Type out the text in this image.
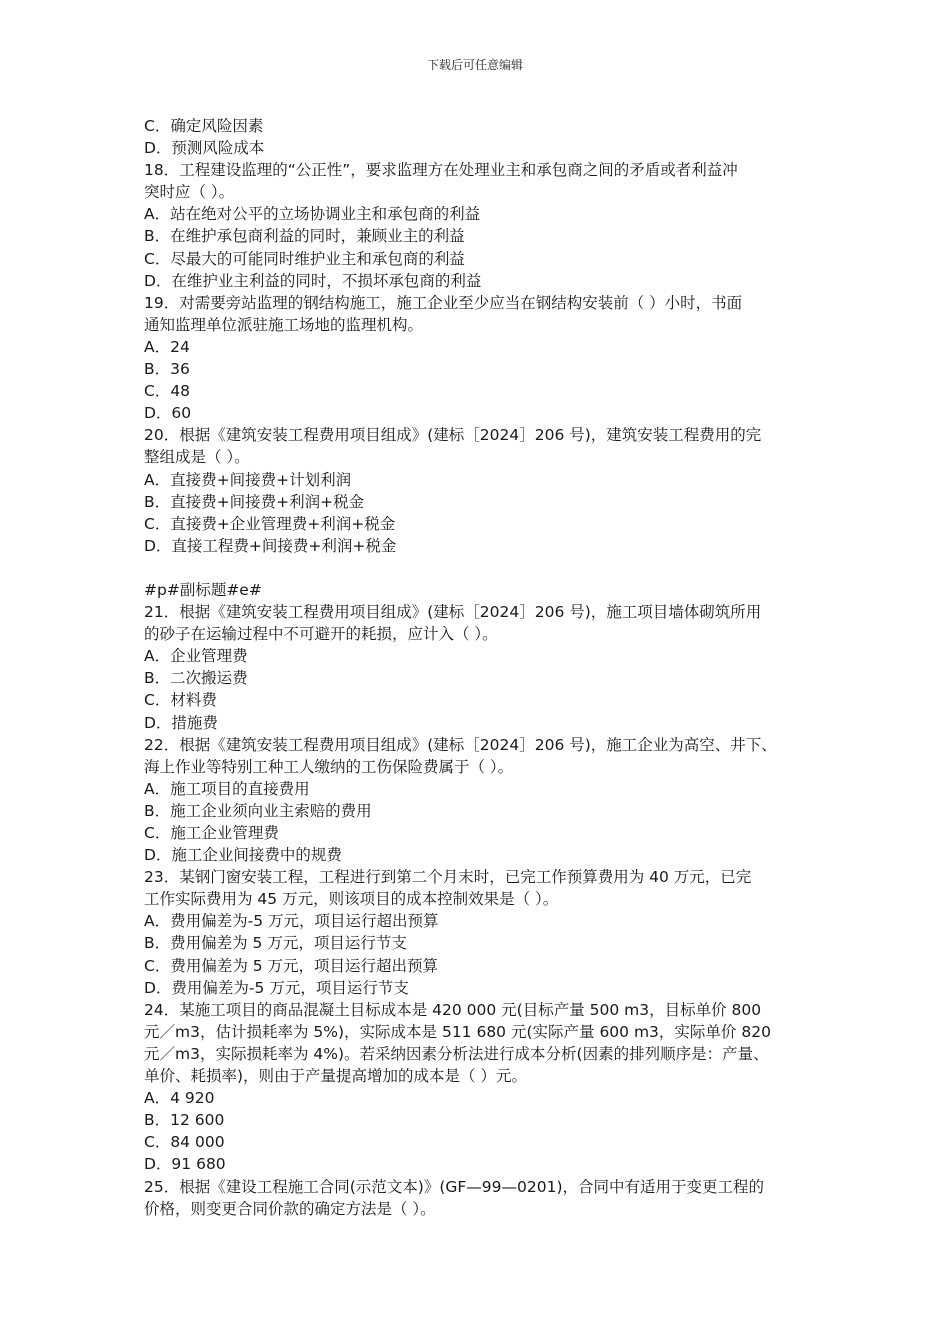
下载后可任意编辑
C．确定风险因素
D．预测风险成本
18．工程建设监理的“公正性”，要求监理方在处理业主和承包商之间的矛盾或者利益冲
突时应（ ）。
A．站在绝对公平的立场协调业主和承包商的利益
B．在维护承包商利益的同时，兼顾业主的利益
C．尽最大的可能同时维护业主和承包商的利益
D．在维护业主利益的同时，不损坏承包商的利益
19．对需要旁站监理的钢结构施工，施工企业至少应当在钢结构安装前（ ）小时，书面
通知监理单位派驻施工场地的监理机构。
A．24
B．36
C．48
D．60
20．根据《建筑安装工程费用项目组成》(建标［2024］206 号)，建筑安装工程费用的完
整组成是（ ）。
A．直接费+间接费+计划利润
B．直接费+间接费+利润+税金
C．直接费+企业管理费+利润+税金
D．直接工程费+间接费+利润+税金
#p#副标题#e#
21．根据《建筑安装工程费用项目组成》(建标［2024］206 号)，施工项目墙体砌筑所用
的砂子在运输过程中不可避开的耗损，应计入（ ）。
A．企业管理费
B．二次搬运费
C．材料费
D．措施费
22．根据《建筑安装工程费用项目组成》(建标［2024］206 号)，施工企业为高空、井下、
海上作业等特别工种工人缴纳的工伤保险费属于（ ）。
A．施工项目的直接费用
B．施工企业须向业主索赔的费用
C．施工企业管理费
D．施工企业间接费中的规费
23．某钢门窗安装工程，工程进行到第二个月末时，已完工作预算费用为 40 万元，已完
工作实际费用为 45 万元，则该项目的成本控制效果是（ ）。
A．费用偏差为-5 万元，项目运行超出预算
B．费用偏差为 5 万元，项目运行节支
C．费用偏差为 5 万元，项目运行超出预算
D．费用偏差为-5 万元，项目运行节支
24．某施工项目的商品混凝土目标成本是 420 000 元(目标产量 500 m3，目标单价 800
元／m3，估计损耗率为 5%)，实际成本是 511 680 元(实际产量 600 m3，实际单价 820
元／m3，实际损耗率为 4%)。若采纳因素分析法进行成本分析(因素的排列顺序是：产量、
单价、耗损率)，则由于产量提高增加的成本是（ ）元。
A．4 920
B．12 600
C．84 000
D．91 680
25．根据《建设工程施工合同(示范文本)》(GF—99—0201)，合同中有适用于变更工程的
价格，则变更合同价款的确定方法是（ ）。
